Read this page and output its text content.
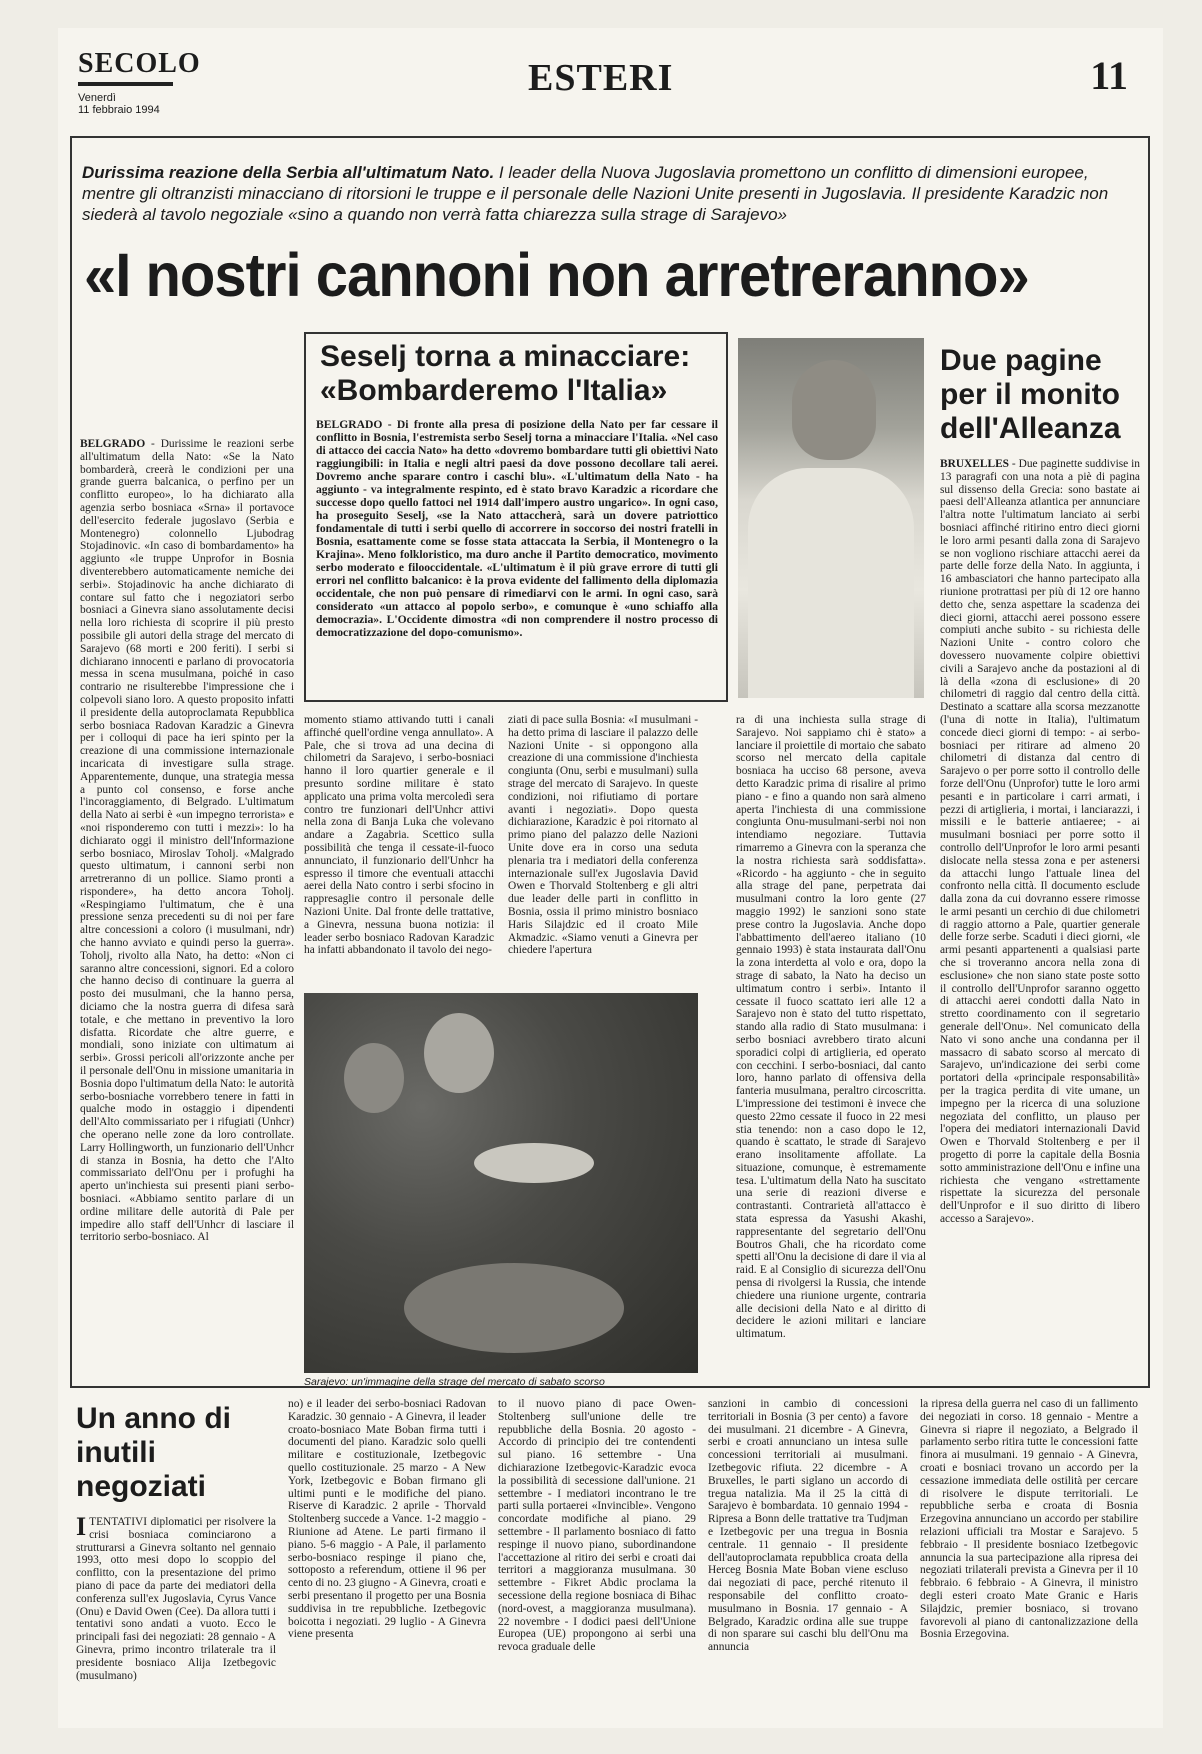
SECOLO
Venerdì
11 febbraio 1994
ESTERI	11
Durissima reazione della Serbia all'ultimatum Nato. I leader della Nuova Jugoslavia promettono un conflitto di dimensioni europee, mentre gli oltranzisti minacciano di ritorsioni le truppe e il personale delle Nazioni Unite presenti in Jugoslavia. Il presidente Karadzic non siederà al tavolo negoziale «sino a quando non verrà fatta chiarezza sulla strage di Sarajevo»
«I nostri cannoni non arretreranno»
BELGRADO - Durissime le reazioni serbe all'ultimatum della Nato: «Se la Nato bombarderà, creerà le condizioni per una grande guerra balcanica, o perfino per un conflitto europeo», lo ha dichiarato alla agenzia serbo bosniaca «Srna» il portavoce dell'esercito federale jugoslavo (Serbia e Montenegro) colonnello Ljubodrag Stojadinovic. «In caso di bombardamento» ha aggiunto «le truppe Unprofor in Bosnia diventerebbero automaticamente nemiche dei serbi». Stojadinovic ha anche dichiarato di contare sul fatto che i negoziatori serbo bosniaci a Ginevra siano assolutamente decisi nella loro richiesta di scoprire il più presto possibile gli autori della strage del mercato di Sarajevo (68 morti e 200 feriti). I serbi si dichiarano innocenti e parlano di provocatoria messa in scena musulmana, poiché in caso contrario ne risulterebbe l'impressione che i colpevoli siano loro. A questo proposito infatti il presidente della autoproclamata Repubblica serbo bosniaca Radovan Karadzic a Ginevra per i colloqui di pace ha ieri spinto per la creazione di una commissione internazionale incaricata di investigare sulla strage. Apparentemente, dunque, una strategia messa a punto col consenso, e forse anche l'incoraggiamento, di Belgrado. L'ultimatum della Nato ai serbi è «un impegno terrorista» e «noi risponderemo con tutti i mezzi»: lo ha dichiarato oggi il ministro dell'Informazione serbo bosniaco, Miroslav Toholj. «Malgrado questo ultimatum, i cannoni serbi non arretreranno di un pollice. Siamo pronti a rispondere», ha detto ancora Toholj. «Respingiamo l'ultimatum, che è una pressione senza precedenti su di noi per fare altre concessioni a coloro (i musulmani, ndr) che hanno avviato e quindi perso la guerra». Toholj, rivolto alla Nato, ha detto: «Non ci saranno altre concessioni, signori. Ed a coloro che hanno deciso di continuare la guerra al posto dei musulmani, che la hanno persa, diciamo che la nostra guerra di difesa sarà totale, e che mettano in preventivo la loro disfatta. Ricordate che altre guerre, e mondiali, sono iniziate con ultimatum ai serbi». Grossi pericoli all'orizzonte anche per il personale dell'Onu in missione umanitaria in Bosnia dopo l'ultimatum della Nato: le autorità serbo-bosniache vorrebbero tenere in fatti in qualche modo in ostaggio i dipendenti dell'Alto commissariato per i rifugiati (Unhcr) che operano nelle zone da loro controllate. Larry Hollingworth, un funzionario dell'Unhcr di stanza in Bosnia, ha detto che l'Alto commissariato dell'Onu per i profughi ha aperto un'inchiesta sui presenti piani serbo-bosniaci. «Abbiamo sentito parlare di un ordine militare delle autorità di Pale per impedire allo staff dell'Unhcr di lasciare il territorio serbo-bosniaco. Al
Seselj torna a minacciare: «Bombarderemo l'Italia»
BELGRADO - Di fronte alla presa di posizione della Nato per far cessare il conflitto in Bosnia, l'estremista serbo Seselj torna a minacciare l'Italia. «Nel caso di attacco dei caccia Nato» ha detto «dovremo bombardare tutti gli obiettivi Nato raggiungibili: in Italia e negli altri paesi da dove possono decollare tali aerei. Dovremo anche sparare contro i caschi blu». «L'ultimatum della Nato - ha aggiunto - va integralmente respinto, ed è stato bravo Karadzic a ricordare che successe dopo quello fattoci nel 1914 dall'impero austro ungarico». In ogni caso, ha proseguito Seselj, «se la Nato attaccherà, sarà un dovere patriottico fondamentale di tutti i serbi quello di accorrere in soccorso dei nostri fratelli in Bosnia, esattamente come se fosse stata attaccata la Serbia, il Montenegro o la Krajina». Meno folkloristico, ma duro anche il Partito democratico, movimento serbo moderato e filooccidentale. «L'ultimatum è il più grave errore di tutti gli errori nel conflitto balcanico: è la prova evidente del fallimento della diplomazia occidentale, che non può pensare di rimediarvi con le armi. In ogni caso, sarà considerato «un attacco al popolo serbo», e comunque è «uno schiaffo alla democrazia». L'Occidente dimostra «di non comprendere il nostro processo di democratizzazione del dopo-comunismo».
momento stiamo attivando tutti i canali affinché quell'ordine venga annullato». A Pale, che si trova ad una decina di chilometri da Sarajevo, i serbo-bosniaci hanno il loro quartier generale e il presunto sordine militare è stato applicato una prima volta mercoledì sera contro tre funzionari dell'Unhcr attivi nella zona di Banja Luka che volevano andare a Zagabria. Scettico sulla possibilità che tenga il cessate-il-fuoco annunciato, il funzionario dell'Unhcr ha espresso il timore che eventuali attacchi aerei della Nato contro i serbi sfocino in rappresaglie contro il personale delle Nazioni Unite. Dal fronte delle trattative, a Ginevra, nessuna buona notizia: il leader serbo bosniaco Radovan Karadzic ha infatti abbandonato il tavolo dei nego-
ziati di pace sulla Bosnia: «I musulmani - ha detto prima di lasciare il palazzo delle Nazioni Unite - si oppongono alla creazione di una commissione d'inchiesta congiunta (Onu, serbi e musulmani) sulla strage del mercato di Sarajevo. In queste condizioni, noi rifiutiamo di portare avanti i negoziati». Dopo questa dichiarazione, Karadzic è poi ritornato al primo piano del palazzo delle Nazioni Unite dove era in corso una seduta plenaria tra i mediatori della conferenza internazionale sull'ex Jugoslavia David Owen e Thorvald Stoltenberg e gli altri due leader delle parti in conflitto in Bosnia, ossia il primo ministro bosniaco Haris Silajdzic ed il croato Mile Akmadzic. «Siamo venuti a Ginevra per chiedere l'aperturа
ra di una inchiesta sulla strage di Sarajevo. Noi sappiamo chi è stato» a lanciare il proiettile di mortaio che sabato scorso nel mercato della capitale bosniaca ha ucciso 68 persone, aveva detto Karadzic prima di risalire al primo piano - e fino a quando non sarà almeno aperta l'inchiesta di una commissione congiunta Onu-musulmani-serbi noi non intendiamo negoziare. Tuttavia rimarremo a Ginevra con la speranza che la nostra richiesta sarà soddisfatta». «Ricordo - ha aggiunto - che in seguito alla strage del pane, perpetrata dai musulmani contro la loro gente (27 maggio 1992) le sanzioni sono state prese contro la Jugoslavia. Anche dopo l'abbattimento dell'aereo italiano (10 gennaio 1993) è stata instaurata dall'Onu la zona interdetta al volo e ora, dopo la strage di sabato, la Nato ha deciso un ultimatum contro i serbi». Intanto il cessate il fuoco scattato ieri alle 12 a Sarajevo non è stato del tutto rispettato, stando alla radio di Stato musulmana: i serbo bosniaci avrebbero tirato alcuni sporadici colpi di artiglieria, ed operato con cecchini. I serbo-bosniaci, dal canto loro, hanno parlato di offensiva della fanteria musulmana, peraltro circoscritta. L'impressione dei testimoni è invece che questo 22mo cessate il fuoco in 22 mesi stia tenendo: non a caso dopo le 12, quando è scattato, le strade di Sarajevo erano insolitamente affollate. La situazione, comunque, è estremamente tesa. L'ultimatum della Nato ha suscitato una serie di reazioni diverse e contrastanti. Contrarietà all'attacco è stata espressa da Yasushi Akashi, rappresentante del segretario dell'Onu Boutros Ghali, che ha ricordato come spetti all'Onu la decisione di dare il via al raid. E al Consiglio di sicurezza dell'Onu pensa di rivolgersi la Russia, che intende chiedere una riunione urgente, contraria alle decisioni della Nato e al diritto di decidere le azioni militari e lanciare ultimatum.
Due pagine per il monito dell'Alleanza
BRUXELLES - Due paginette suddivise in 13 paragrafi con una nota a piè di pagina sul dissenso della Grecia: sono bastate ai paesi dell'Alleanza atlantica per annunciare l'altra notte l'ultimatum lanciato ai serbi bosniaci affinché ritirino entro dieci giorni le loro armi pesanti dalla zona di Sarajevo se non vogliono rischiare attacchi aerei da parte delle forze della Nato. In aggiunta, i 16 ambasciatori che hanno partecipato alla riunione protrattasi per più di 12 ore hanno detto che, senza aspettare la scadenza dei dieci giorni, attacchi aerei possono essere compiuti anche subito - su richiesta delle Nazioni Unite - contro coloro che dovessero nuovamente colpire obiettivi civili a Sarajevo anche da postazioni al di là della «zona di esclusione» di 20 chilometri di raggio dal centro della città. Destinato a scattare alla scorsa mezzanotte (l'una di notte in Italia), l'ultimatum concede dieci giorni di tempo: - ai serbo-bosniaci per ritirare ad almeno 20 chilometri di distanza dal centro di Sarajevo o per porre sotto il controllo delle forze dell'Onu (Unprofor) tutte le loro armi pesanti e in particolare i carri armati, i pezzi di artiglieria, i mortai, i lanciarazzi, i missili e le batterie antiaeree; - ai musulmani bosniaci per porre sotto il controllo dell'Unprofor le loro armi pesanti dislocate nella stessa zona e per astenersi da attacchi lungo l'attuale linea del confronto nella città. Il documento esclude dalla zona da cui dovranno essere rimosse le armi pesanti un cerchio di due chilometri di raggio attorno a Pale, quartier generale delle forze serbe. Scaduti i dieci giorni, «le armi pesanti appartenenti a qualsiasi parte che si troveranno ancora nella zona di esclusione» che non siano state poste sotto il controllo dell'Unprofor saranno oggetto di attacchi aerei condotti dalla Nato in stretto coordinamento con il segretario generale dell'Onu». Nel comunicato della Nato vi sono anche una condanna per il massacro di sabato scorso al mercato di Sarajevo, un'indicazione dei serbi come portatori della «principale responsabilità» per la tragica perdita di vite umane, un impegno per la ricerca di una soluzione negoziata del conflitto, un plauso per l'opera dei mediatori internazionali David Owen e Thorvald Stoltenberg e per il progetto di porre la capitale della Bosnia sotto amministrazione dell'Onu e infine una richiesta che vengano «strettamente rispettate la sicurezza del personale dell'Unprofor e il suo diritto di libero accesso a Sarajevo».
Sarajevo: un'immagine della strage del mercato di sabato scorso
Un anno di inutili negoziati
ITENTATIVI diplomatici per risolvere la crisi bosniaca cominciarono a strutturarsi a Ginevra soltanto nel gennaio 1993, otto mesi dopo lo scoppio del conflitto, con la presentazione del primo piano di pace da parte dei mediatori della conferenza sull'ex Jugoslavia, Cyrus Vance (Onu) e David Owen (Cee). Da allora tutti i tentativi sono andati a vuoto. Ecco le principali fasi dei negoziati: 28 gennaio - A Ginevra, primo incontro trilaterale tra il presidente bosniaco Alija Izetbegovic (musulmano)
no) e il leader dei serbo-bosniaci Radovan Karadzic. 30 gennaio - A Ginevra, il leader croato-bosniaco Mate Boban firma tutti i documenti del piano. Karadzic solo quelli militare e costituzionale, Izetbegovic quello costituzionale. 25 marzo - A New York, Izetbegovic e Boban firmano gli ultimi punti e le modifiche del piano. Riserve di Karadzic. 2 aprile - Thorvald Stoltenberg succede a Vance. 1-2 maggio - Riunione ad Atene. Le parti firmano il piano. 5-6 maggio - A Pale, il parlamento serbo-bosniaco respinge il piano che, sottoposto a referendum, ottiene il 96 per cento di no. 23 giugno - A Ginevra, croati e serbi presentano il progetto per una Bosnia suddivisa in tre repubbliche. Izetbegovic boicotta i negoziati. 29 luglio - A Ginevra viene presenta
to il nuovo piano di pace Owen-Stoltenberg sull'unione delle tre repubbliche della Bosnia. 20 agosto - Accordo di principio dei tre contendenti sul piano. 16 settembre - Una dichiarazione Izetbegovic-Karadzic evoca la possibilità di secessione dall'unione. 21 settembre - I mediatori incontrano le tre parti sulla portaerei «Invincible». Vengono concordate modifiche al piano. 29 settembre - Il parlamento bosniaco di fatto respinge il nuovo piano, subordinandone l'accettazione al ritiro dei serbi e croati dai territori a maggioranza musulmana. 30 settembre - Fikret Abdic proclama la secessione della regione bosniaca di Bihac (nord-ovest, a maggioranza musulmana). 22 novembre - I dodici paesi dell'Unione Europea (UE) propongono ai serbi una revoca graduale delle
sanzioni in cambio di concessioni territoriali in Bosnia (3 per cento) a favore dei musulmani. 21 dicembre - A Ginevra, serbi e croati annunciano un intesa sulle concessioni territoriali ai musulmani. Izetbegovic rifiuta. 22 dicembre - A Bruxelles, le parti siglano un accordo di tregua natalizia. Ma il 25 la città di Sarajevo è bombardata. 10 gennaio 1994 - Ripresa a Bonn delle trattative tra Tudjman e Izetbegovic per una tregua in Bosnia centrale. 11 gennaio - Il presidente dell'autoproclamata repubblica croata della Herceg Bosnia Mate Boban viene escluso dai negoziati di pace, perché ritenuto il responsabile del conflitto croato-musulmano in Bosnia. 17 gennaio - A Belgrado, Karadzic ordina alle sue truppe di non sparare sui caschi blu dell'Onu ma annuncia
la ripresa della guerra nel caso di un fallimento dei negoziati in corso. 18 gennaio - Mentre a Ginevra si riapre il negoziato, a Belgrado il parlamento serbo ritira tutte le concessioni fatte finora ai musulmani. 19 gennaio - A Ginevra, croati e bosniaci trovano un accordo per la cessazione immediata delle ostilità per cercare di risolvere le dispute territoriali. Le repubbliche serba e croata di Bosnia Erzegovina annunciano un accordo per stabilire relazioni ufficiali tra Mostar e Sarajevo. 5 febbraio - Il presidente bosniaco Izetbegovic annuncia la sua partecipazione alla ripresa dei negoziati trilaterali prevista a Ginevra per il 10 febbraio. 6 febbraio - A Ginevra, il ministro degli esteri croato Mate Granic e Haris Silajdzic, premier bosniaco, si trovano favorevoli al piano di cantonalizzazione della Bosnia Erzegovina.
